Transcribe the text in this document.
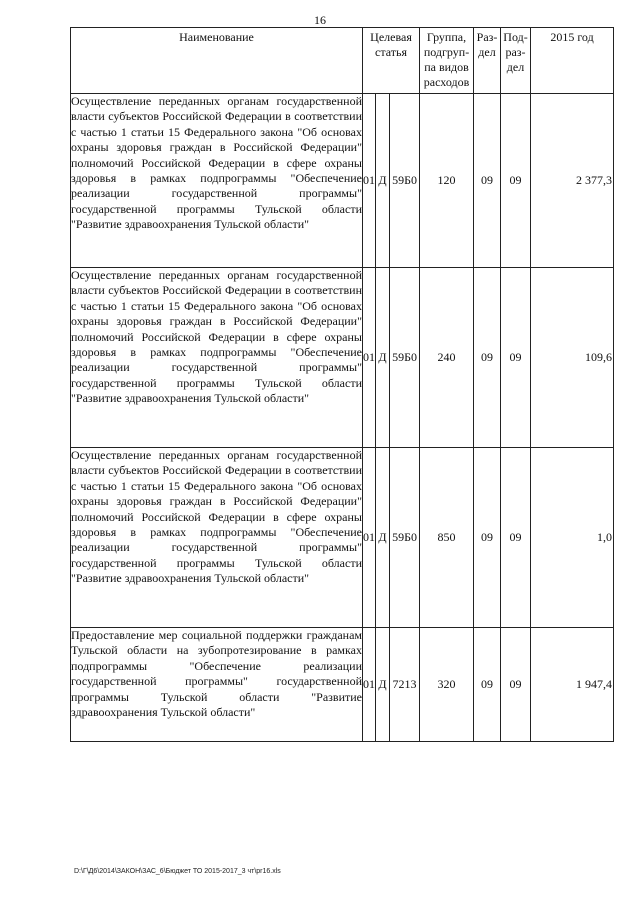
16
Наименование	Целевая статья			Группа, подгруп-па видов расходов	Раз-дел	Под-раз-дел	2015 год
Осуществление переданных органам государственной власти субъектов Российской Федерации в соответствии с частью 1 статьи 15 Федерального закона "Об основах охраны здоровья граждан в Российской Федерации" полномочий Российской Федерации в сфере охраны здоровья в рамках подпрограммы "Обеспечение реализации государственной программы" государственной программы Тульской области "Развитие здравоохранения Тульской области"	01	Д	59Б0	120	09	09	2 377,3
Осуществление переданных органам государственной власти субъектов Российской Федерации в соответствин с частью 1 статьи 15 Федерального закона "Об основах охраны здоровья граждан в Российской Федерации" полномочий Российской Федерации в сфере охраны здоровья в рамках подпрограммы "Обеспечение реализации государственной программы" государственной программы Тульской области "Развитие здравоохранения Тульской области"	01	Д	59Б0	240	09	09	109,6
Осуществление переданных органам государственной власти субъектов Российской Федерации в соответствии с частью 1 статьи 15 Федерального закона "Об основах охраны здоровья граждан в Российской Федерации" полномочий Российской Федерации в сфере охраны здоровья в рамках подпрограммы "Обеспечение реализации государственной программы" государственной программы Тульской области "Развитие здравоохранения Тульской области"	01	Д	59Б0	850	09	09	1,0
Предоставление мер социальной поддержки гражданам Тульской области на зубопротезирование в рамках подпрограммы "Обеспечение реализации государственной программы" государственной программы Тульской области "Развитие здравоохранения Тульской области"	01	Д	7213	320	09	09	1 947,4
D:\Г\Д6\2014\ЗАКОН\ЗАС_6\Бюджет ТО 2015-2017_3 чт\pr16.xls
